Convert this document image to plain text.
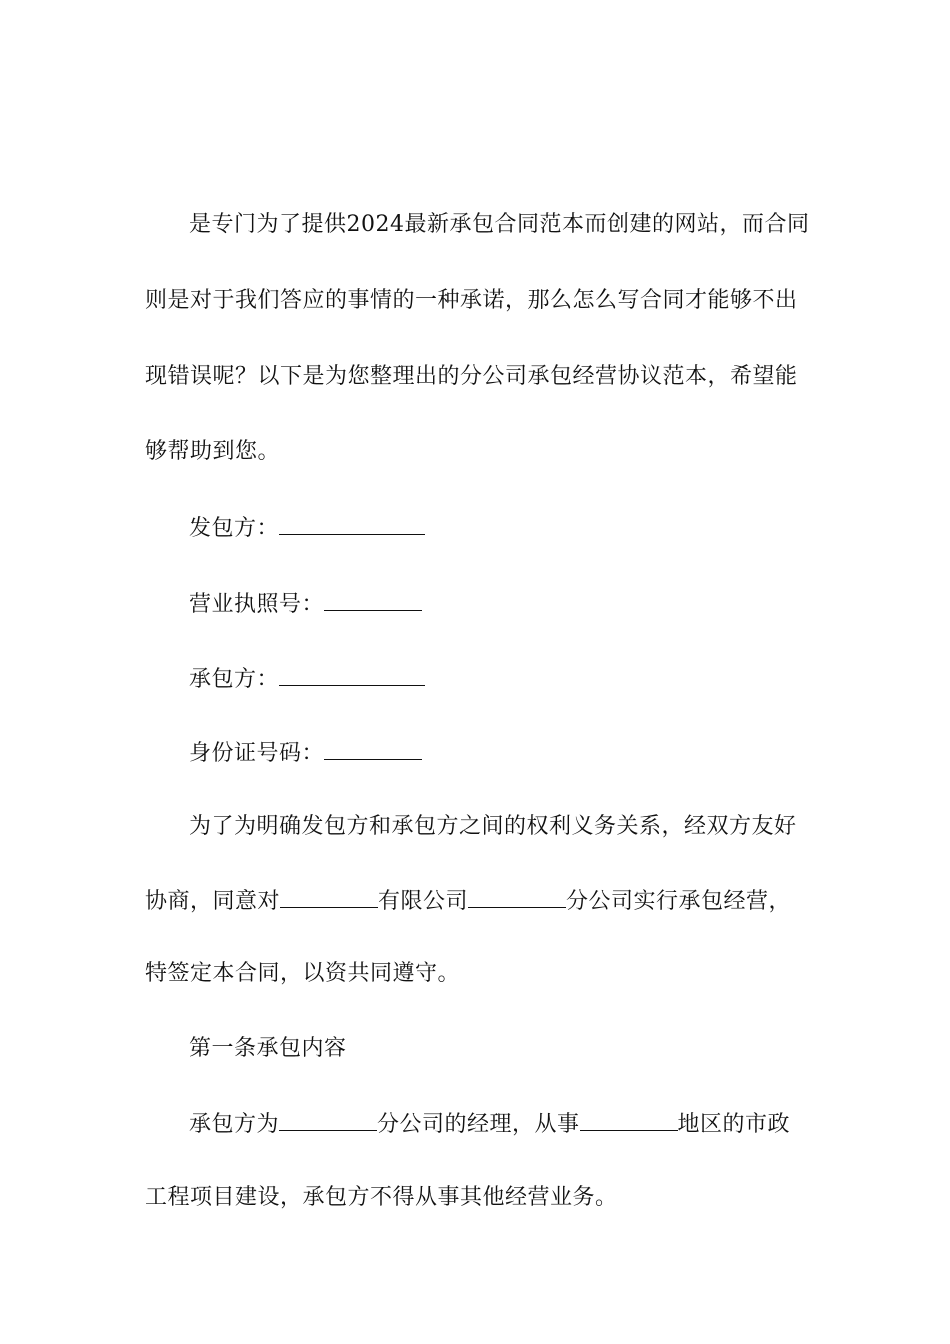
是专门为了提供2024最新承包合同范本而创建的网站，而合同
则是对于我们答应的事情的一种承诺，那么怎么写合同才能够不出
现错误呢？以下是为您整理出的分公司承包经营协议范本，希望能
够帮助到您。
发包方：
营业执照号：
承包方：
身份证号码：
为了为明确发包方和承包方之间的权利义务关系，经双方友好
协商，同意对	有限公司	分公司实行承包经营，
特签定本合同，以资共同遵守。
第一条承包内容
承包方为	分公司的经理，从事	地区的市政
工程项目建设，承包方不得从事其他经营业务。
